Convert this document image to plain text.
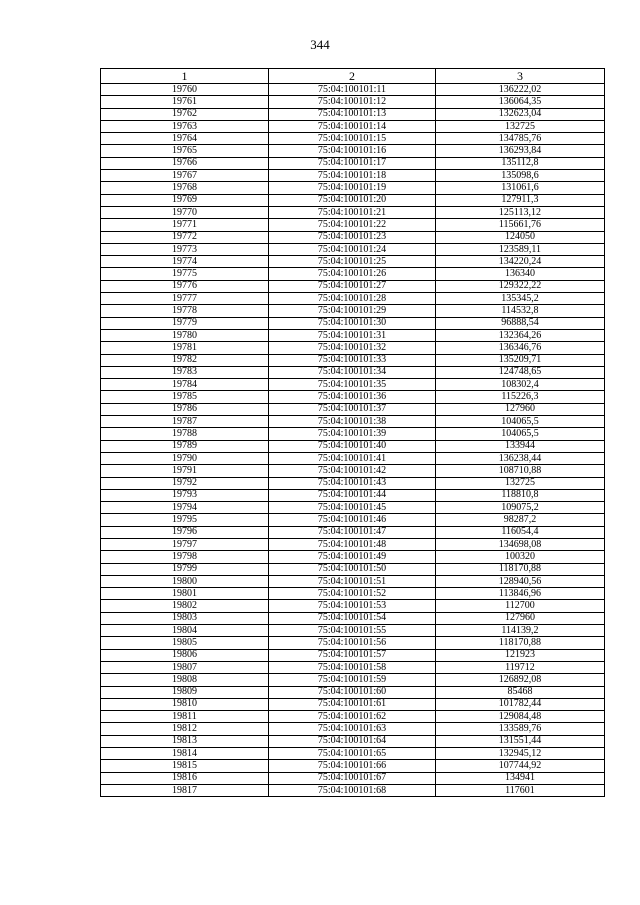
344
1	2	3
19760	75:04:100101:11	136222,02
19761	75:04:100101:12	136064,35
19762	75:04:100101:13	132623,04
19763	75:04:100101:14	132725
19764	75:04:100101:15	134785,76
19765	75:04:100101:16	136293,84
19766	75:04:100101:17	135112,8
19767	75:04:100101:18	135098,6
19768	75:04:100101:19	131061,6
19769	75:04:100101:20	127911,3
19770	75:04:100101:21	125113,12
19771	75:04:100101:22	115661,76
19772	75:04:100101:23	124050
19773	75:04:100101:24	123589,11
19774	75:04:100101:25	134220,24
19775	75:04:100101:26	136340
19776	75:04:100101:27	129322,22
19777	75:04:100101:28	135345,2
19778	75:04:100101:29	114532,8
19779	75:04:100101:30	96888,54
19780	75:04:100101:31	132364,26
19781	75:04:100101:32	136346,76
19782	75:04:100101:33	135209,71
19783	75:04:100101:34	124748,65
19784	75:04:100101:35	108302,4
19785	75:04:100101:36	115226,3
19786	75:04:100101:37	127960
19787	75:04:100101:38	104065,5
19788	75:04:100101:39	104065,5
19789	75:04:100101:40	133944
19790	75:04:100101:41	136238,44
19791	75:04:100101:42	108710,88
19792	75:04:100101:43	132725
19793	75:04:100101:44	118810,8
19794	75:04:100101:45	109075,2
19795	75:04:100101:46	98287,2
19796	75:04:100101:47	116054,4
19797	75:04:100101:48	134698,08
19798	75:04:100101:49	100320
19799	75:04:100101:50	118170,88
19800	75:04:100101:51	128940,56
19801	75:04:100101:52	113846,96
19802	75:04:100101:53	112700
19803	75:04:100101:54	127960
19804	75:04:100101:55	114139,2
19805	75:04:100101:56	118170,88
19806	75:04:100101:57	121923
19807	75:04:100101:58	119712
19808	75:04:100101:59	126892,08
19809	75:04:100101:60	85468
19810	75:04:100101:61	101782,44
19811	75:04:100101:62	129084,48
19812	75:04:100101:63	133589,76
19813	75:04:100101:64	131551,44
19814	75:04:100101:65	132945,12
19815	75:04:100101:66	107744,92
19816	75:04:100101:67	134941
19817	75:04:100101:68	117601
